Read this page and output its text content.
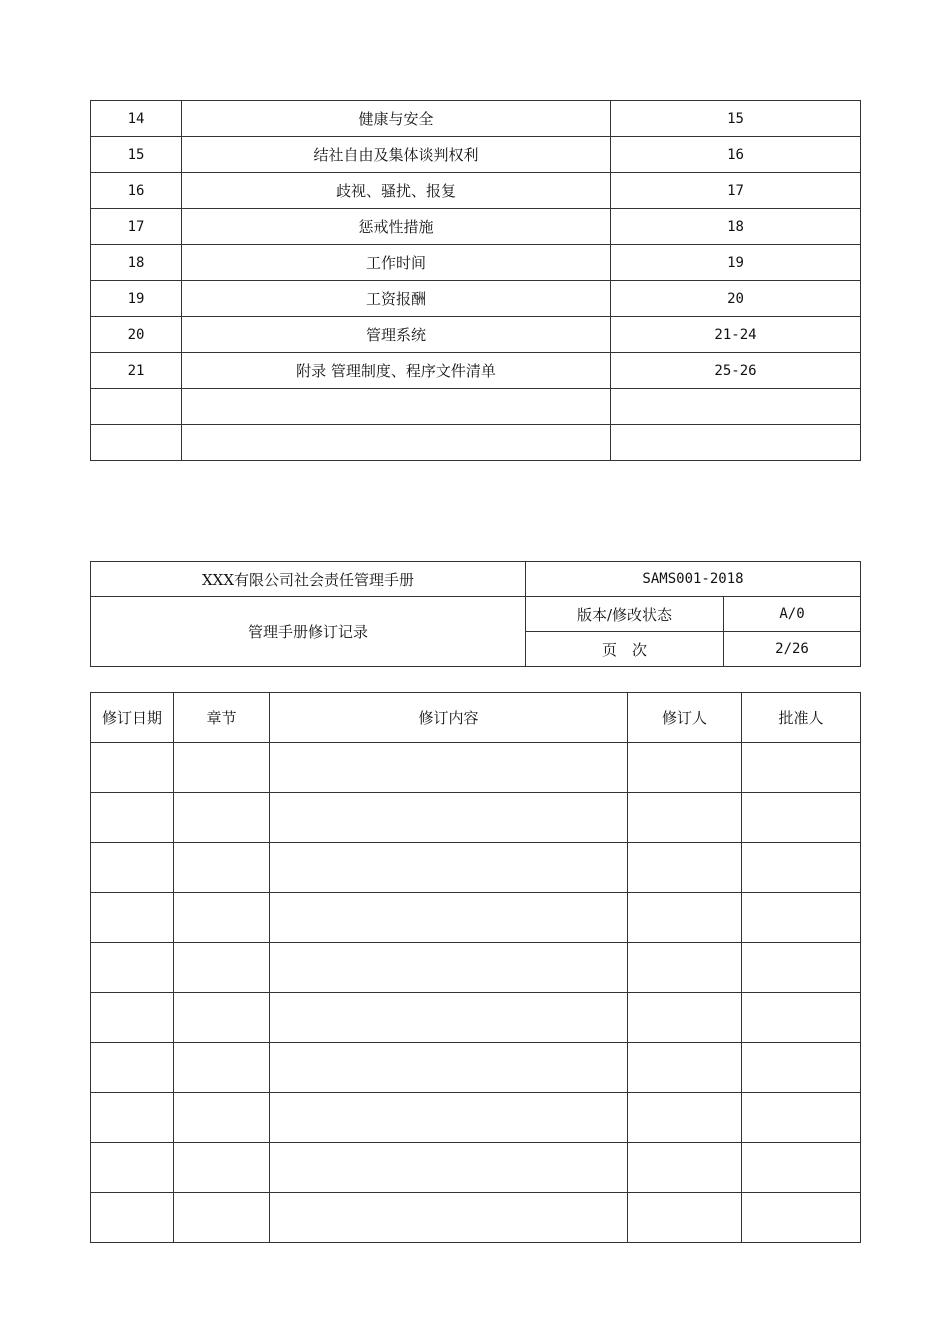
14	健康与安全	15
15	结社自由及集体谈判权利	16
16	歧视、骚扰、报复	17
17	惩戒性措施	18
18	工作时间	19
19	工资报酬	20
20	管理系统	21-24
21	附录 管理制度、程序文件清单	25-26

XXX有限公司社会责任管理手册	SAMS001-2018	
管理手册修订记录	版本/修改状态	A/0
	页　次	2/26
修订日期	章节	修订内容	修订人	批准人
